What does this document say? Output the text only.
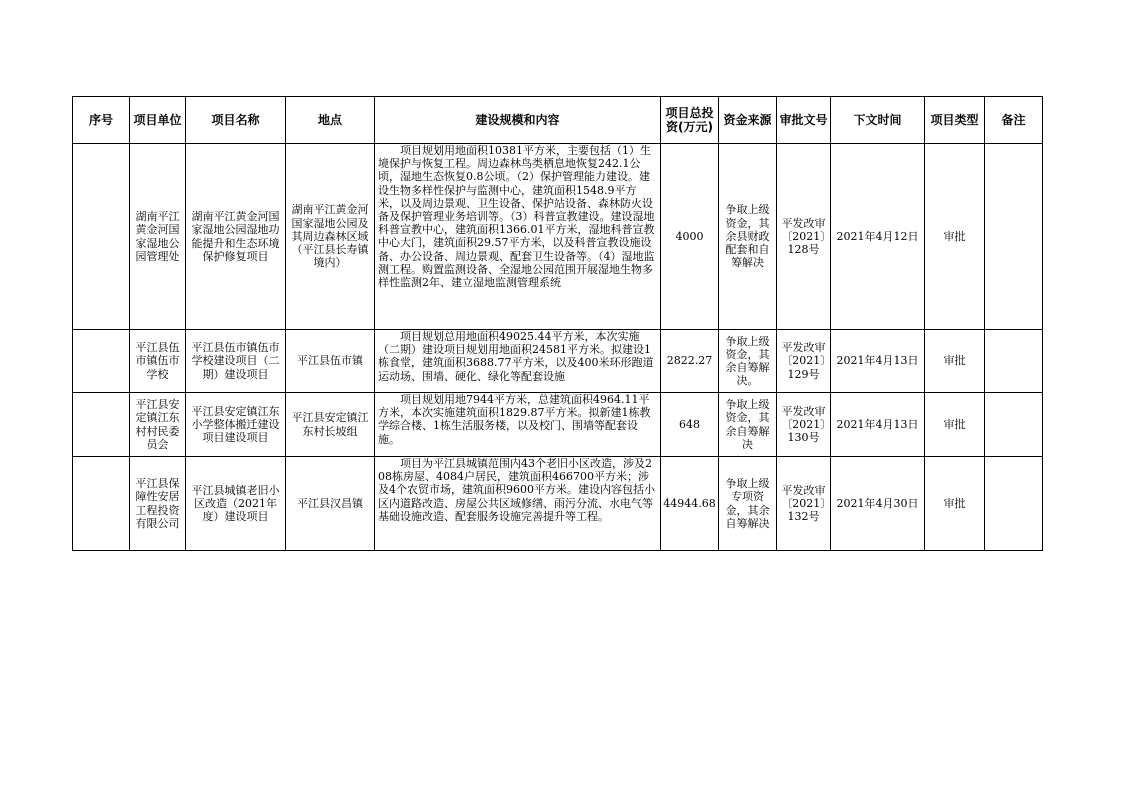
序号	项目单位	项目名称	地点	建设规模和内容	项目总投资(万元)	资金来源	审批文号	下文时间	项目类型	备注
	湖南平江黄金河国家湿地公园管理处	湖南平江黄金河国家湿地公园湿地功能提升和生态环境保护修复项目	湖南平江黄金河国家湿地公园及其周边森林区域（平江县长寿镇境内）	项目规划用地面积10381平方米，主要包括（1）生境保护与恢复工程。周边森林鸟类栖息地恢复242.1公顷，湿地生态恢复0.8公顷。（2）保护管理能力建设。建设生物多样性保护与监测中心，建筑面积1548.9平方米，以及周边景观、卫生设备、保护站设备、森林防火设备及保护管理业务培训等。（3）科普宣教建设。建设湿地科普宣教中心，建筑面积1366.01平方米，湿地科普宣教中心大门，建筑面积29.57平方米，以及科普宣教设施设备、办公设备、周边景观、配套卫生设备等。（4）湿地监测工程。购置监测设备、全湿地公园范围开展湿地生物多样性监测2年、建立湿地监测管理系统	4000	争取上级资金，其余县财政配套和自筹解决	平发改审〔2021〕128号	2021年4月12日	审批	
	平江县伍市镇伍市学校	平江县伍市镇伍市学校建设项目（二期）建设项目	平江县伍市镇	项目规划总用地面积49025.44平方米，本次实施（二期）建设项目规划用地面积24581平方米。拟建设1栋食堂，建筑面积3688.77平方米，以及400米环形跑道运动场、围墙、硬化、绿化等配套设施	2822.27	争取上级资金，其余自筹解决。	平发改审〔2021〕129号	2021年4月13日	审批	
	平江县安定镇江东村村民委员会	平江县安定镇江东小学整体搬迁建设项目建设项目	平江县安定镇江东村长坡组	项目规划用地7944平方米，总建筑面积4964.11平方米，本次实施建筑面积1829.87平方米。拟新建1栋教学综合楼、1栋生活服务楼，以及校门、围墙等配套设施。	648	争取上级资金，其余自筹解决	平发改审〔2021〕130号	2021年4月13日	审批	
	平江县保障性安居工程投资有限公司	平江县城镇老旧小区改造（2021年度）建设项目	平江县汉昌镇	项目为平江县城镇范围内43个老旧小区改造，涉及208栋房屋、4084户居民，建筑面积466700平方米；涉及4个农贸市场，建筑面积9600平方米。建设内容包括小区内道路改造、房屋公共区域修缮、雨污分流、水电气等基础设施改造、配套服务设施完善提升等工程。	44944.68	争取上级专项资金，其余自筹解决	平发改审〔2021〕132号	2021年4月30日	审批	
